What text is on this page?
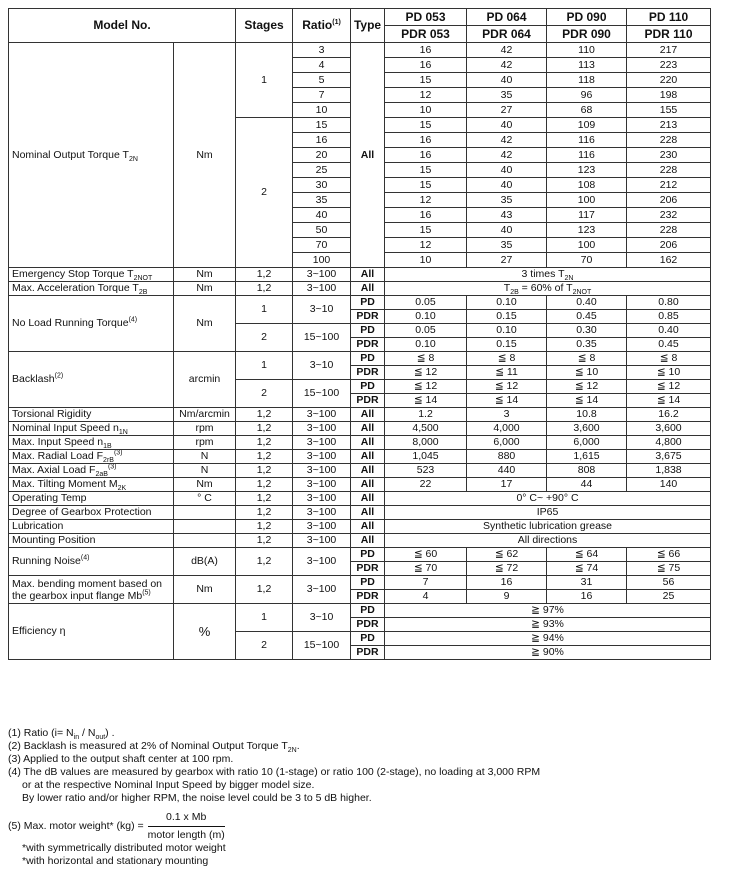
Model No.		Stages	Ratio$^{(1)}$	Type	PD 053	PD 064	PD 090	PD 110
					PDR 053	PDR 064	PDR 090	PDR 110
Nominal Output Torque $T_{2N}$	Nm	1	3	All	16	42	110	217
			4		16	42	113	223
			5		15	40	118	220
			7		12	35	96	198
			10		10	27	68	155
		2	15		15	40	109	213
			16		16	42	116	228
			20		16	42	116	230
			25		15	40	123	228
			30		15	40	108	212
			35		12	35	100	206
			40		16	43	117	232
			50		15	40	123	228
			70		12	35	100	206
			100		10	27	70	162
Emergency Stop Torque $T_{2NOT}$	Nm	1,2	3~100	All	3 times $T_{2N}$
Max. Acceleration Torque $T_{2B}$	Nm	1,2	3~100	All	$T_{2B} = 60\%$ of $T_{2NOT}$
No Load Running Torque$^{(4)}$	Nm	1	3~10	PD	0.05	0.10	0.40	0.80
				PDR	0.10	0.15	0.45	0.85
		2	15~100	PD	0.05	0.10	0.30	0.40
				PDR	0.10	0.15	0.35	0.45
Backlash$^{(2)}$	arcmin	1	3~10	PD	≦ 8	≦ 8	≦ 8	≦ 8
				PDR	≦ 12	≦ 11	≦ 10	≦ 10
		2	15~100	PD	≦ 12	≦ 12	≦ 12	≦ 12
				PDR	≦ 14	≦ 14	≦ 14	≦ 14
Torsional Rigidity	Nm/arcmin	1,2	3~100	All	1.2	3	10.8	16.2
Nominal Input Speed $n_{1N}$	rpm	1,2	3~100	All	4,500	4,000	3,600	3,600
Max. Input Speed $n_{1B}$	rpm	1,2	3~100	All	8,000	6,000	6,000	4,800
Max. Radial Load $F_{2rB}^{(3)}$	N	1,2	3~100	All	1,045	880	1,615	3,675
Max. Axial Load $F_{2aB}^{(3)}$	N	1,2	3~100	All	523	440	808	1,838
Max. Tilting Moment $M_{2K}$	Nm	1,2	3~100	All	22	17	44	140
Operating Temp	° C	1,2	3~100	All	0° C~ +90° C			
Degree of Gearbox Protection		1,2	3~100	All	IP65			
Lubrication		1,2	3~100	All	Synthetic lubrication grease			
Mounting Position		1,2	3~100	All	All directions			
Running Noise$^{(4)}$	dB(A)	1,2	3~100	PD	≦ 60	≦ 62	≦ 64	≦ 66
				PDR	≦ 70	≦ 72	≦ 74	≦ 75
Max. bending moment based on
the gearbox input flange Mb$^{(5)}$	Nm	1,2	3~100	PD	7	16	31	56
				PDR	4	9	16	25
Efficiency η	%	1	3~10	PD	≧ 97%			
				PDR	≧ 93%			
		2	15~100	PD	≧ 94%			
				PDR	≧ 90%			
(1) Ratio $(i= N_{in} / N_{out})$ .
(2) Backlash is measured at 2% of Nominal Output Torque $T_{2N}$.
(3) Applied to the output shaft center at 100 rpm.
(4) The dB values are measured by gearbox with ratio 10 (1-stage) or ratio 100 (2-stage), no loading at 3,000 RPM
or at the respective Nominal Input Speed by bigger model size.
By lower ratio and/or higher RPM, the noise level could be 3 to 5 dB higher.
(5) Max. motor weight* $(kg) = \frac{\text{0.1 x Mb}}{\text{motor length (m)}}$
*with symmetrically distributed motor weight
*with horizontal and stationary mounting
